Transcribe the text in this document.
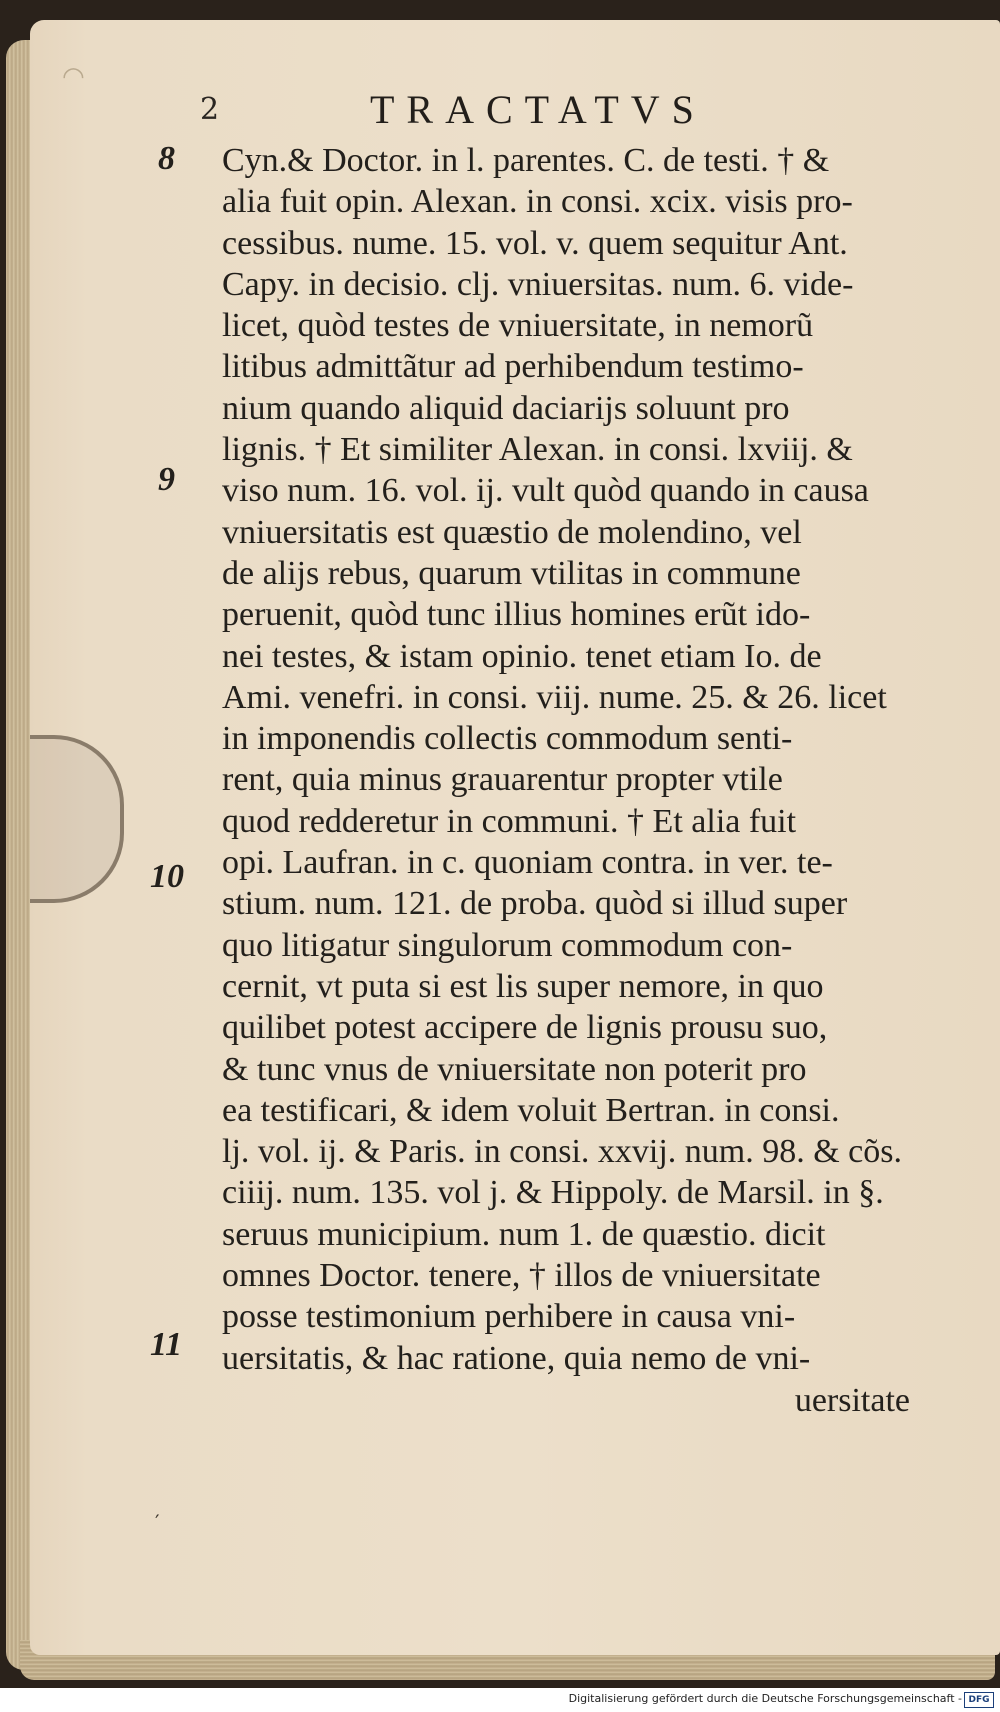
2	TRACTATVS
8
9
10
11
Cyn.& Doctor. in l. parentes. C. de testi. † &
alia fuit opin. Alexan. in consi. xcix. visis pro-
cessibus. nume. 15. vol. v. quem sequitur Ant.
Capy. in decisio. clj. vniuersitas. num. 6. vide-
licet, quòd testes de vniuersitate, in nemorũ
litibus admittãtur ad perhibendum testimo-
nium quando aliquid daciarijs soluunt pro
lignis. † Et similiter Alexan. in consi. lxviij. &
viso num. 16. vol. ij. vult quòd quando in causa
vniuersitatis est quæstio de molendino, vel
de alijs rebus, quarum vtilitas in commune
peruenit, quòd tunc illius homines erũt ido-
nei testes, & istam opinio. tenet etiam Io. de
Ami. venefri. in consi. viij. nume. 25. & 26. licet
in imponendis collectis commodum senti-
rent, quia minus grauarentur propter vtile
quod redderetur in communi. † Et alia fuit
opi. Laufran. in c. quoniam contra. in ver. te-
stium. num. 121. de proba. quòd si illud super
quo litigatur singulorum commodum con-
cernit, vt puta si est lis super nemore, in quo
quilibet potest accipere de lignis prousu suo,
& tunc vnus de vniuersitate non poterit pro
ea testificari, & idem voluit Bertran. in consi.
lj. vol. ij. & Paris. in consi. xxvij. num. 98. & cõs.
ciiij. num. 135. vol j. & Hippoly. de Marsil. in §.
seruus municipium. num 1. de quæstio. dicit
omnes Doctor. tenere, † illos de vniuersitate
posse testimonium perhibere in causa vni-
uersitatis, & hac ratione, quia nemo de vni-
uersitate
◠
′
Digitalisierung gefördert durch die Deutsche Forschungsgemeinschaft - DFG
